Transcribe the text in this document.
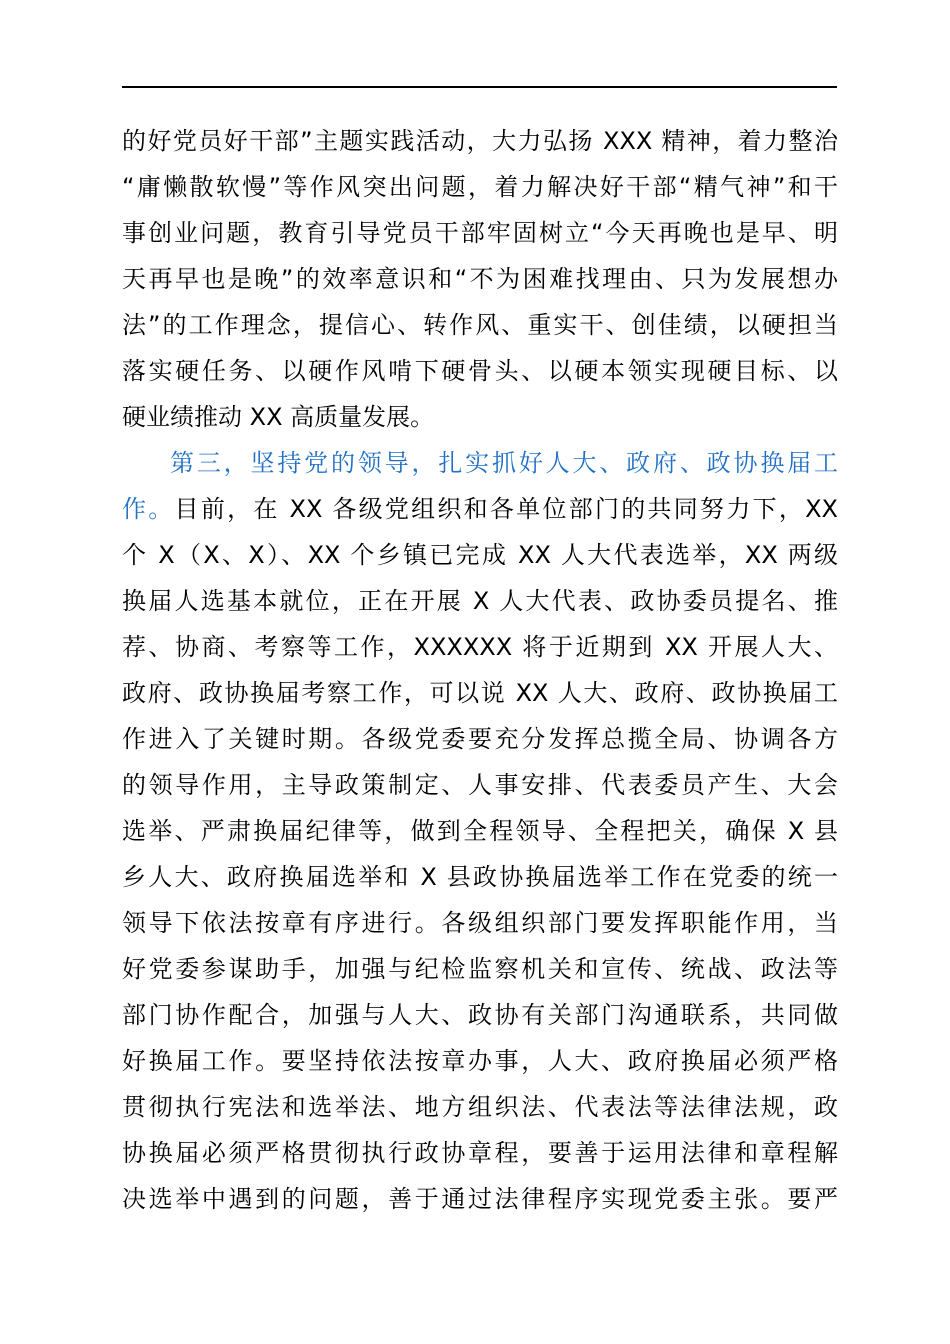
的好党员好干部”主题实践活动，大力弘扬 XXX 精神，着力整治
“庸懒散软慢”等作风突出问题，着力解决好干部“精气神”和干
事创业问题，教育引导党员干部牢固树立“今天再晚也是早、明
天再早也是晚”的效率意识和“不为困难找理由、只为发展想办
法”的工作理念，提信心、转作风、重实干、创佳绩，以硬担当
落实硬任务、以硬作风啃下硬骨头、以硬本领实现硬目标、以
硬业绩推动 XX 高质量发展。
第三，坚持党的领导，扎实抓好人大、政府、政协换届工
作。目前，在 XX 各级党组织和各单位部门的共同努力下，XX
个 X（X、X）、XX 个乡镇已完成 XX 人大代表选举，XX 两级
换届人选基本就位，正在开展 X 人大代表、政协委员提名、推
荐、协商、考察等工作，XXXXXX 将于近期到 XX 开展人大、
政府、政协换届考察工作，可以说 XX 人大、政府、政协换届工
作进入了关键时期。各级党委要充分发挥总揽全局、协调各方
的领导作用，主导政策制定、人事安排、代表委员产生、大会
选举、严肃换届纪律等，做到全程领导、全程把关，确保 X 县
乡人大、政府换届选举和 X 县政协换届选举工作在党委的统一
领导下依法按章有序进行。各级组织部门要发挥职能作用，当
好党委参谋助手，加强与纪检监察机关和宣传、统战、政法等
部门协作配合，加强与人大、政协有关部门沟通联系，共同做
好换届工作。要坚持依法按章办事，人大、政府换届必须严格
贯彻执行宪法和选举法、地方组织法、代表法等法律法规，政
协换届必须严格贯彻执行政协章程，要善于运用法律和章程解
决选举中遇到的问题，善于通过法律程序实现党委主张。要严
